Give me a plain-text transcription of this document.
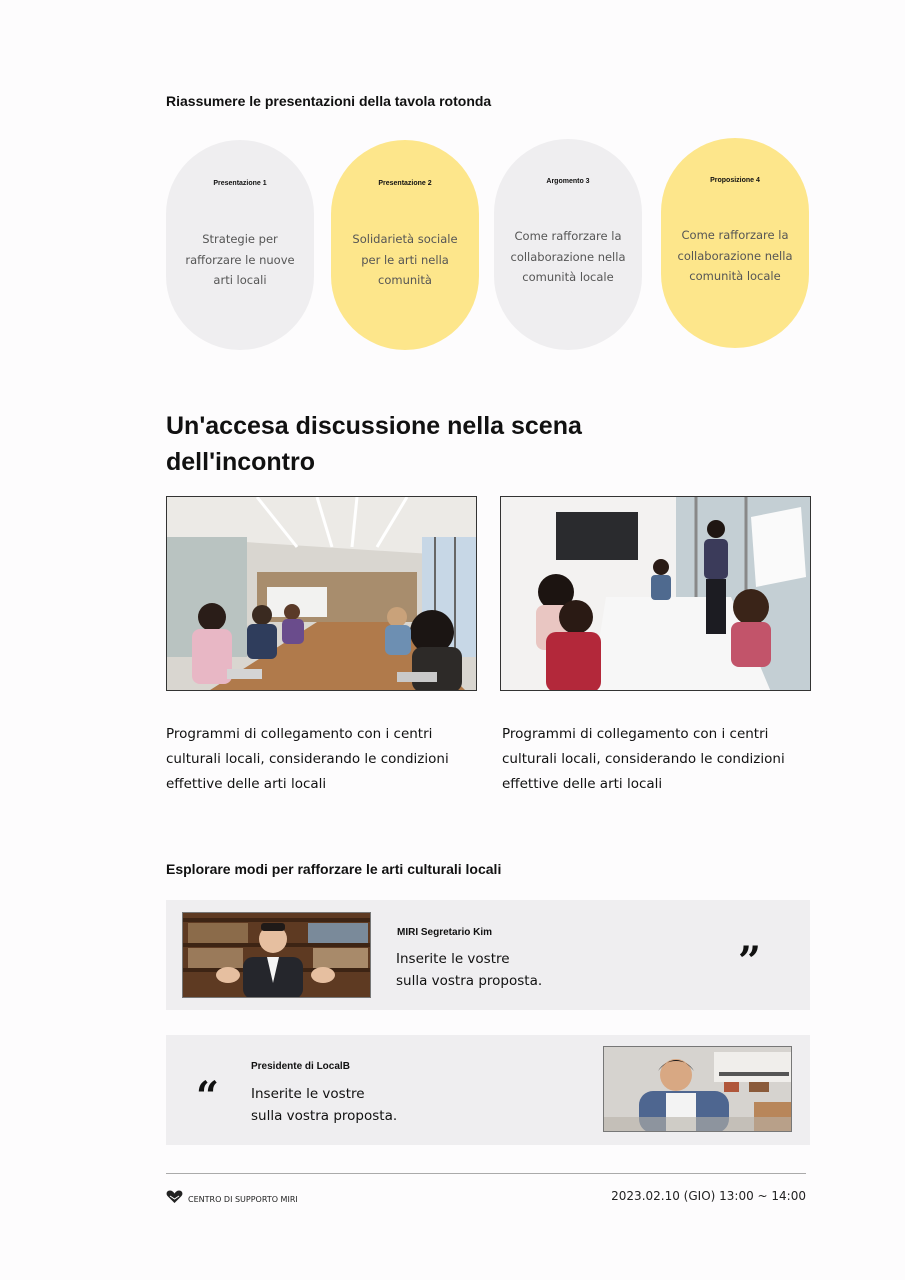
Riassumere le presentazioni della tavola rotonda
Presentazione 1
Strategie per rafforzare le nuove arti locali
Presentazione 2
Solidarietà sociale per le arti nella comunità
Argomento 3
Come rafforzare la collaborazione nella comunità locale
Proposizione 4
Come rafforzare la collaborazione nella comunità locale
Un'accesa discussione nella scena dell'incontro
Programmi di collegamento con i centri culturali locali, considerando le condizioni effettive delle arti locali
Programmi di collegamento con i centri culturali locali, considerando le condizioni effettive delle arti locali
Esplorare modi per rafforzare le arti culturali locali
MIRI Segretario Kim
Inserite le vostre
sulla vostra proposta.	”
“
Presidente di LocalB
Inserite le vostre
sulla vostra proposta.
CENTRO DI SUPPORTO MIRI	2023.02.10 (GIO) 13:00 ~ 14:00
